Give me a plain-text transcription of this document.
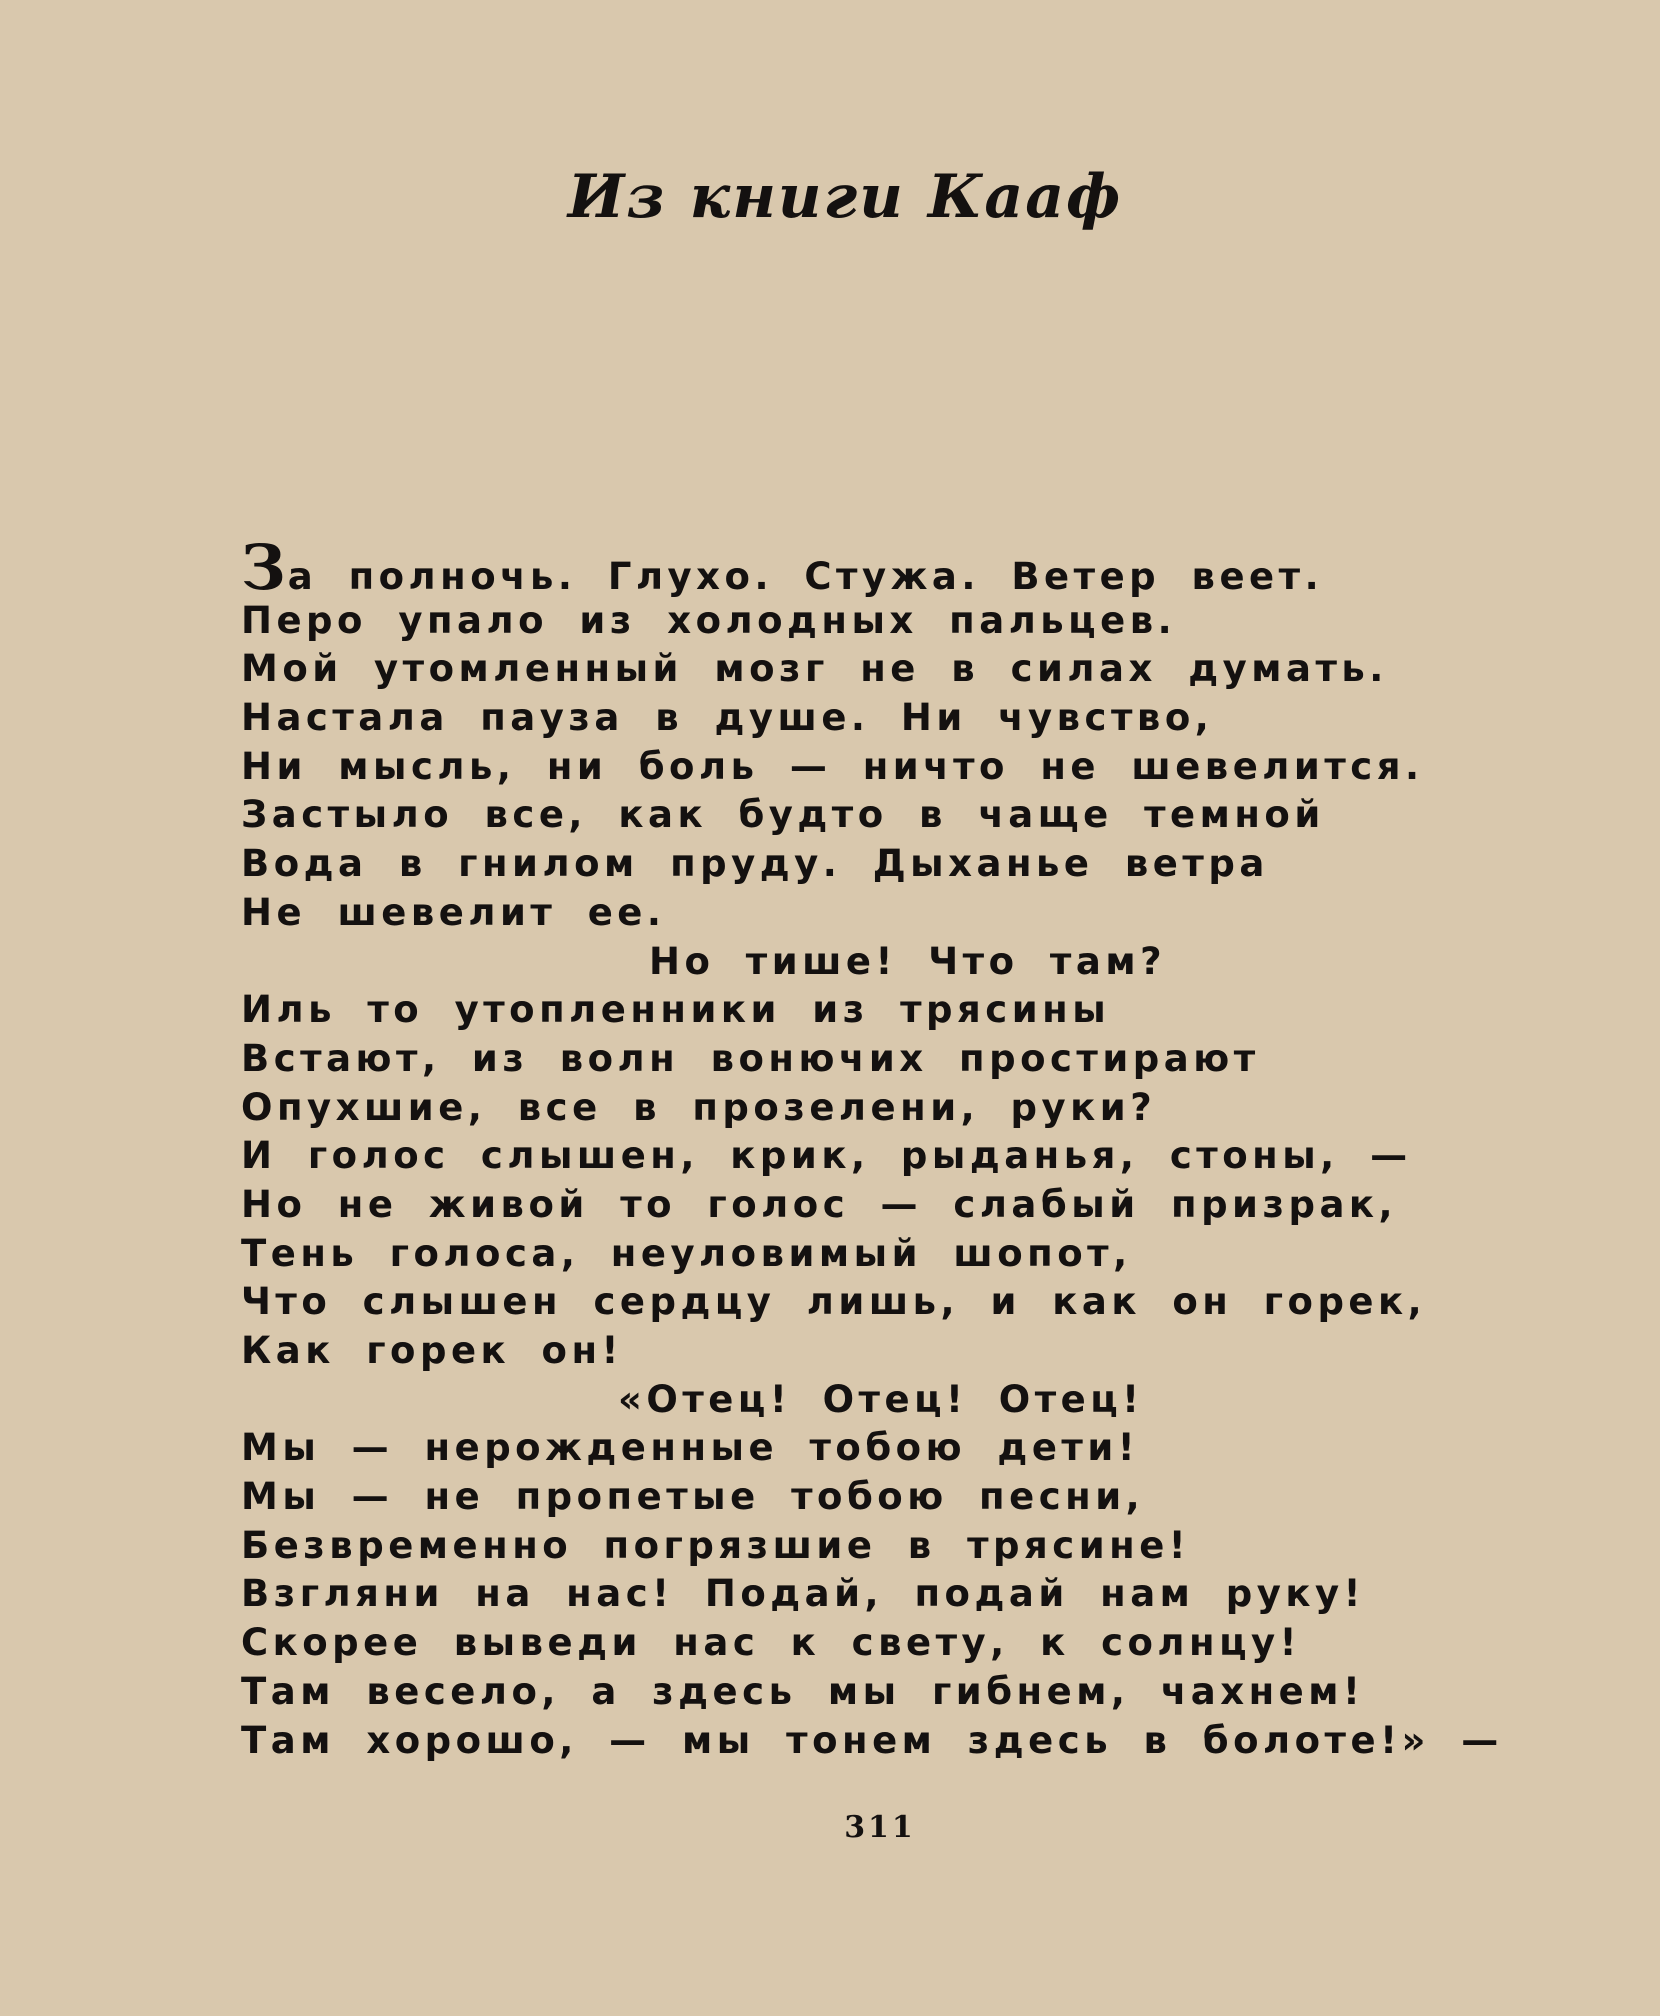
Из книги Кааф
За полночь. Глухо. Стужа. Ветер веет.
Перо упало из холодных пальцев.
Мой утомленный мозг не в силах думать.
Настала пауза в душе. Ни чувство,
Ни мысль, ни боль — ничто не шевелится.
Застыло все, как будто в чаще темной
Вода в гнилом пруду. Дыханье ветра
Не шевелит ее.
Но тише! Что там?
Иль то утопленники из трясины
Встают, из волн вонючих простирают
Опухшие, все в прозелени, руки?
И голос слышен, крик, рыданья, стоны, —
Но не живой то голос — слабый призрак,
Тень голоса, неуловимый шопот,
Что слышен сердцу лишь, и как он горек,
Как горек он!
«Отец! Отец! Отец!
Мы — нерожденные тобою дети!
Мы — не пропетые тобою песни,
Безвременно погрязшие в трясине!
Взгляни на нас! Подай, подай нам руку!
Скорее выведи нас к свету, к солнцу!
Там весело, а здесь мы гибнем, чахнем!
Там хорошо, — мы тонем здесь в болоте!» —
311
